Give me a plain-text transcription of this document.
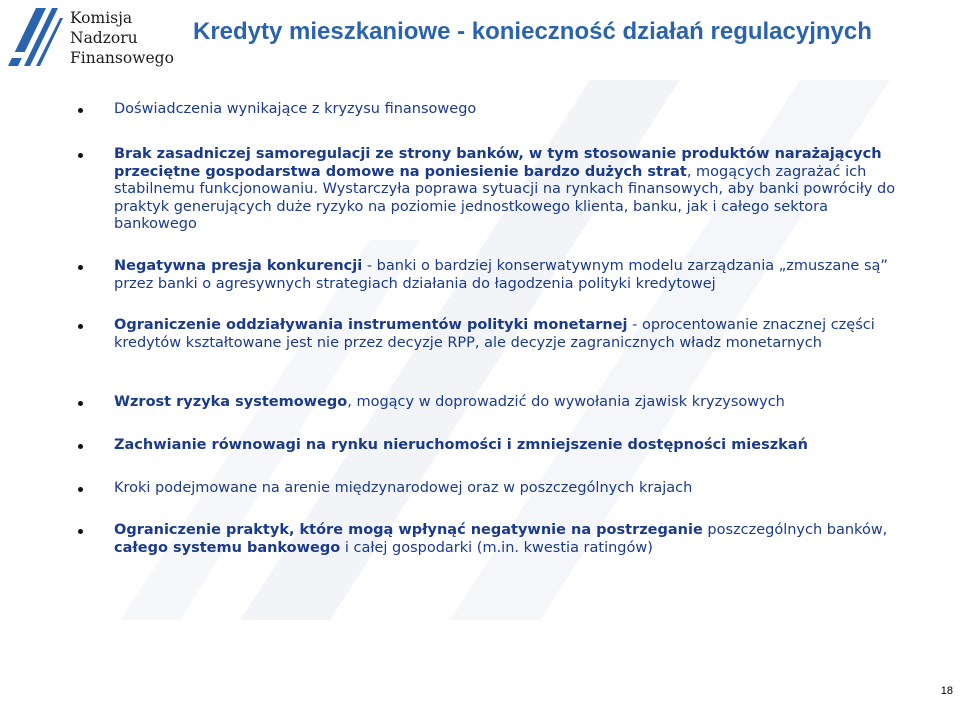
Komisja
Nadzoru
Finansowego
Kredyty mieszkaniowe - konieczność działań regulacyjnych
Doświadczenia wynikające z kryzysu finansowego
Brak zasadniczej samoregulacji ze strony banków, w tym stosowanie produktów narażających przeciętne gospodarstwa domowe na poniesienie bardzo dużych strat, mogących zagrażać ich stabilnemu funkcjonowaniu. Wystarczyła poprawa sytuacji na rynkach finansowych, aby banki powróciły do praktyk generujących duże ryzyko na poziomie jednostkowego klienta, banku, jak i całego sektora bankowego
Negatywna presja konkurencji - banki o bardziej konserwatywnym modelu zarządzania „zmuszane są” przez banki o agresywnych strategiach działania do łagodzenia polityki kredytowej
Ograniczenie oddziaływania instrumentów polityki monetarnej - oprocentowanie znacznej części kredytów kształtowane jest nie przez decyzje RPP, ale decyzje zagranicznych władz monetarnych
Wzrost ryzyka systemowego, mogący w doprowadzić do wywołania zjawisk kryzysowych
Zachwianie równowagi na rynku nieruchomości i zmniejszenie dostępności mieszkań
Kroki podejmowane na arenie międzynarodowej oraz w poszczególnych krajach
Ograniczenie praktyk, które mogą wpłynąć negatywnie na postrzeganie poszczególnych banków, całego systemu bankowego i całej gospodarki (m.in. kwestia ratingów)
18
